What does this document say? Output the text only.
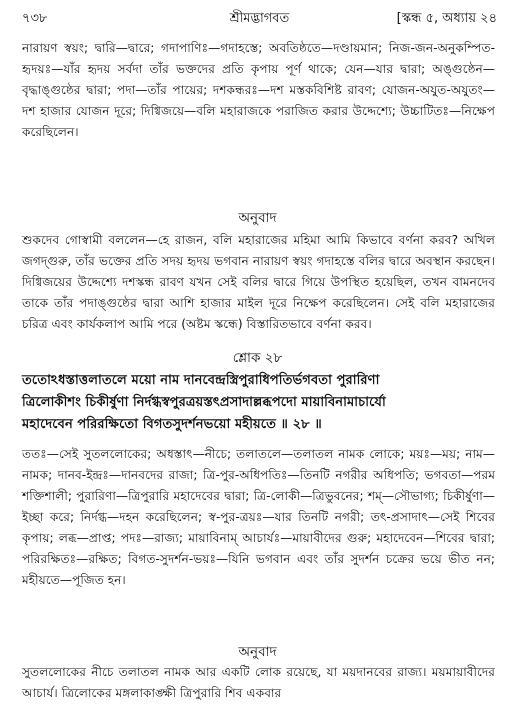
৭৩৮	শ্রীমদ্ভাগবত	[স্কন্ধ ৫, অধ্যায় ২৪

নারায়ণ স্বয়ং; দ্বারি—দ্বারে; গদাপাণিঃ—গদাহস্তে; অবতিষ্ঠতে—দণ্ডায়মান; নিজ-জন-অনুকম্পিত-হৃদয়ঃ—যাঁর হৃদয় সর্বদা তাঁর ভক্তদের প্রতি কৃপায় পূর্ণ থাকে; যেন—যার দ্বারা; অঙ্গুষ্ঠেন—বৃদ্ধাঙ্গুষ্ঠের দ্বারা; পদা—তাঁর পায়ের; দশকন্ধরঃ—দশ মস্তকবিশিষ্ট রাবণ; যোজন-অযুত-অযুতং—দশ হাজার যোজন দূরে; দিগ্বিজয়ে—বলি মহারাজকে পরাজিত করার উদ্দেশ্যে; উচ্চাটিতঃ—নিক্ষেপ করেছিলেন।

অনুবাদ

শুকদেব গোস্বামী বললেন—হে রাজন, বলি মহারাজের মহিমা আমি কিভাবে বর্ণনা করব? অখিল জগদ্গুরু, তাঁর ভক্তের প্রতি সদয় হৃদয় ভগবান নারায়ণ স্বয়ং গদাহস্তে বলির দ্বারে অবস্থান করছেন। দিগ্বিজয়ের উদ্দেশ্যে দশস্কন্ধ রাবণ যখন সেই বলির দ্বারে গিয়ে উপস্থিত হয়েছিল, তখন বামনদেব তাকে তাঁর পদাঙ্গুষ্ঠের দ্বারা আশি হাজার মাইল দূরে নিক্ষেপ করেছিলেন। সেই বলি মহারাজের চরিত্র এবং কার্যকলাপ আমি পরে (অষ্টম স্কন্ধে) বিস্তারিতভাবে বর্ণনা করব।

শ্লোক ২৮

ততোঽধস্তাত্তলাতলে ময়ো নাম দানবেন্দ্রস্ত্রিপুরাধিপতির্ভগবতা পুরারিণা

ত্রিলোকীশং চিকীর্ষুণা নির্দগ্ধস্বপুরত্রয়স্তৎপ্রসাদাল্লব্ধপদো মায়াবিনামাচার্যো

মহাদেবেন পরিরক্ষিতো বিগতসুদর্শনভয়ো মহীয়তে ॥ ২৮ ॥

ততঃ—সেই সুতললোকের; অধস্তাৎ—নীচে; তলাতলে—তলাতল নামক লোকে; ময়ঃ—ময়; নাম—নামক; দানব-ইন্দ্রঃ—দানবদের রাজা; ত্রি-পুর-অধিপতিঃ—তিনটি নগরীর অধিপতি; ভগবতা—পরম শক্তিশালী; পুরারিণা—ত্রিপুরারি মহাদেবের দ্বারা; ত্রি-লোকী—ত্রিভুবনের; শম্—সৌভাগ্য; চিকীর্ষুণা—ইচ্ছা করে; নির্দগ্ধ—দহন করেছিলেন; স্ব-পুর-ত্রয়ঃ—যার তিনটি নগরী; তৎ-প্রসাদাৎ—সেই শিবের কৃপায়; লব্ধ—প্রাপ্ত; পদঃ—রাজ্য; মায়াবিনাম্ আচার্যঃ—মায়াবীদের গুরু; মহাদেবেন—শিবের দ্বারা; পরিরক্ষিতঃ—রক্ষিত; বিগত-সুদর্শন-ভয়ঃ—যিনি ভগবান এবং তাঁর সুদর্শন চক্রের ভয়ে ভীত নন; মহীয়তে—পূজিত হন।

অনুবাদ

সুতললোকের নীচে তলাতল নামক আর একটি লোক রয়েছে, যা ময়দানবের রাজ্য। ময়মায়াবীদের আচার্য। ত্রিলোকের মঙ্গলাকাঙ্ক্ষী ত্রিপুরারি শিব একবার
